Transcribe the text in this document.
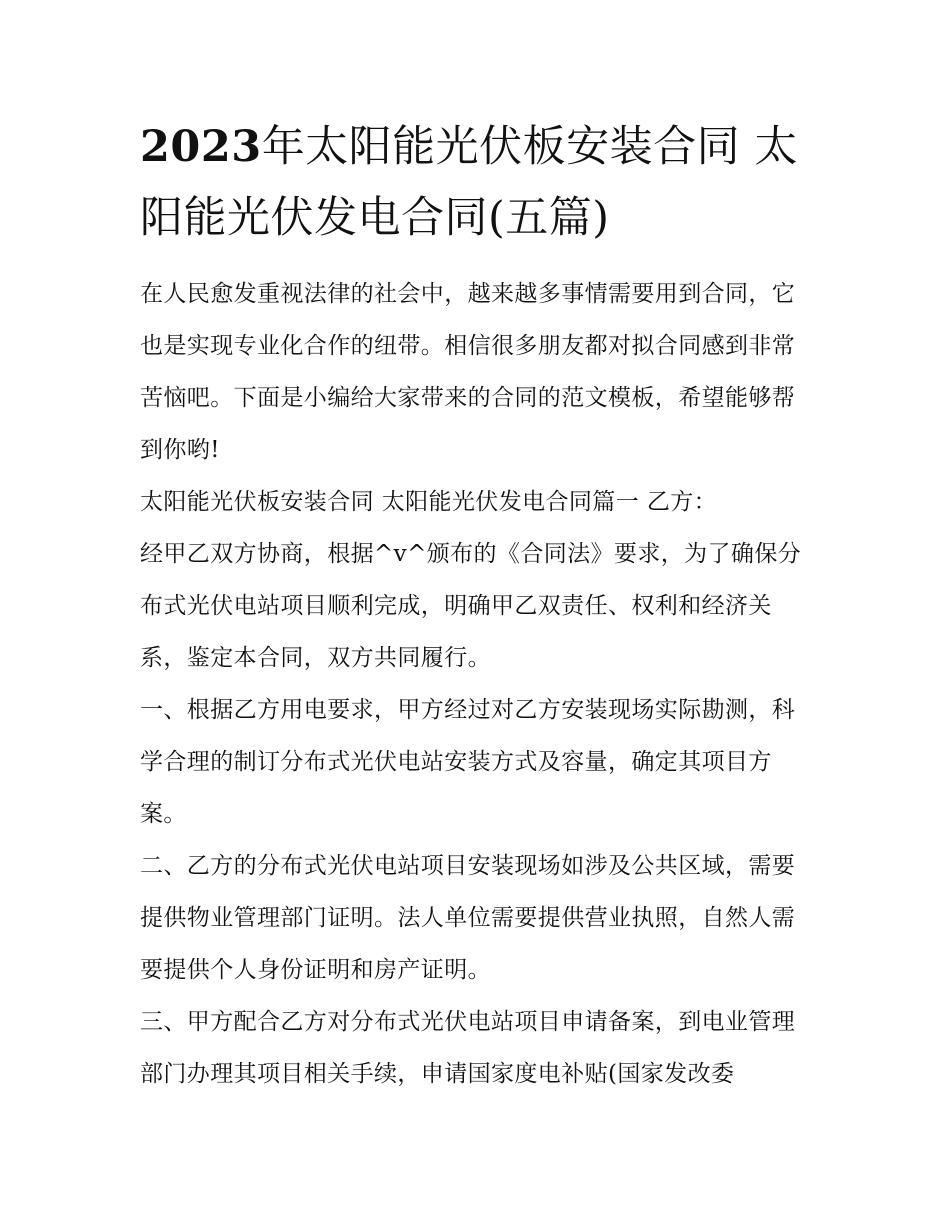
2023年太阳能光伏板安装合同 太阳能光伏发电合同(五篇)

在人民愈发重视法律的社会中，越来越多事情需要用到合同，它也是实现专业化合作的纽带。相信很多朋友都对拟合同感到非常苦恼吧。下面是小编给大家带来的合同的范文模板，希望能够帮到你哟!

太阳能光伏板安装合同 太阳能光伏发电合同篇一 乙方：

经甲乙双方协商，根据^v^颁布的《合同法》要求，为了确保分布式光伏电站项目顺利完成，明确甲乙双责任、权利和经济关系，鉴定本合同，双方共同履行。

一、根据乙方用电要求，甲方经过对乙方安装现场实际勘测，科学合理的制订分布式光伏电站安装方式及容量，确定其项目方案。

二、乙方的分布式光伏电站项目安装现场如涉及公共区域，需要提供物业管理部门证明。法人单位需要提供营业执照，自然人需要提供个人身份证明和房产证明。

三、甲方配合乙方对分布式光伏电站项目申请备案，到电业管理部门办理其项目相关手续，申请国家度电补贴(国家发改委
